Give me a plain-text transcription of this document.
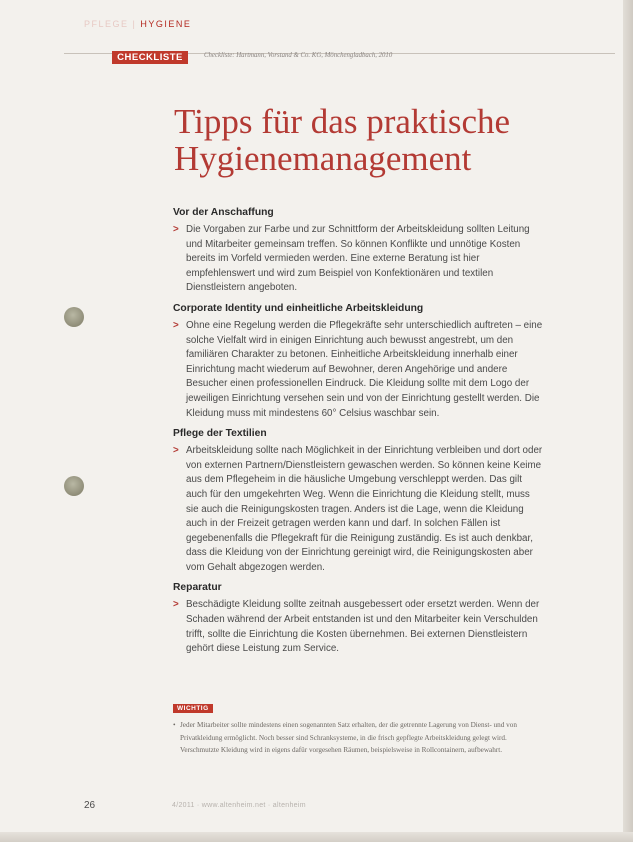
PFLEGE | HYGIENE
CHECKLISTE	Checkliste: Hartmann, Vorstand & Co. KG, Mönchengladbach, 2010
Tipps für das praktische
Hygienemanagement
Vor der Anschaffung

> Die Vorgaben zur Farbe und zur Schnittform der Arbeitskleidung sollten Leitung und Mitarbeiter gemeinsam treffen. So können Konflikte und unnötige Kosten bereits im Vorfeld vermieden werden. Eine externe Beratung ist hier empfehlenswert und wird zum Beispiel von Konfektionären und textilen Dienstleistern angeboten.

Corporate Identity und einheitliche Arbeitskleidung

> Ohne eine Regelung werden die Pflegekräfte sehr unterschiedlich auftreten – eine solche Vielfalt wird in einigen Einrichtung auch bewusst angestrebt, um den familiären Charakter zu betonen. Einheitliche Arbeitskleidung innerhalb einer Einrichtung macht wiederum auf Bewohner, deren Angehörige und andere Besucher einen professionellen Eindruck. Die Kleidung sollte mit dem Logo der jeweiligen Einrichtung versehen sein und von der Einrichtung gestellt werden. Die Kleidung muss mit mindestens 60° Celsius waschbar sein.

Pflege der Textilien

> Arbeitskleidung sollte nach Möglichkeit in der Einrichtung verbleiben und dort oder von externen Partnern/Dienstleistern gewaschen werden. So können keine Keime aus dem Pflegeheim in die häusliche Umgebung verschleppt werden. Das gilt auch für den umgekehrten Weg. Wenn die Einrichtung die Kleidung stellt, muss sie auch die Reinigungskosten tragen. Anders ist die Lage, wenn die Kleidung auch in der Freizeit getragen werden kann und darf. In solchen Fällen ist gegebenenfalls die Pflegekraft für die Reinigung zuständig. Es ist auch denkbar, dass die Kleidung von der Einrichtung gereinigt wird, die Reinigungskosten aber vom Gehalt abgezogen werden.

Reparatur

> Beschädigte Kleidung sollte zeitnah ausgebessert oder ersetzt werden. Wenn der Schaden während der Arbeit entstanden ist und den Mitarbeiter kein Verschulden trifft, sollte die Einrichtung die Kosten übernehmen. Bei externen Dienstleistern gehört diese Leistung zum Service.

WICHTIG

• Jeder Mitarbeiter sollte mindestens einen sogenannten Satz erhalten, der die getrennte Lagerung von Dienst- und von Privatkleidung ermöglicht. Noch besser sind Schranksysteme, in die frisch gepflegte Arbeitskleidung gelegt wird. Verschmutzte Kleidung wird in eigens dafür vorgesehen Räumen, beispielsweise in Rollcontainern, aufbewahrt.

26	4/2011 · www.altenheim.net · altenheim
